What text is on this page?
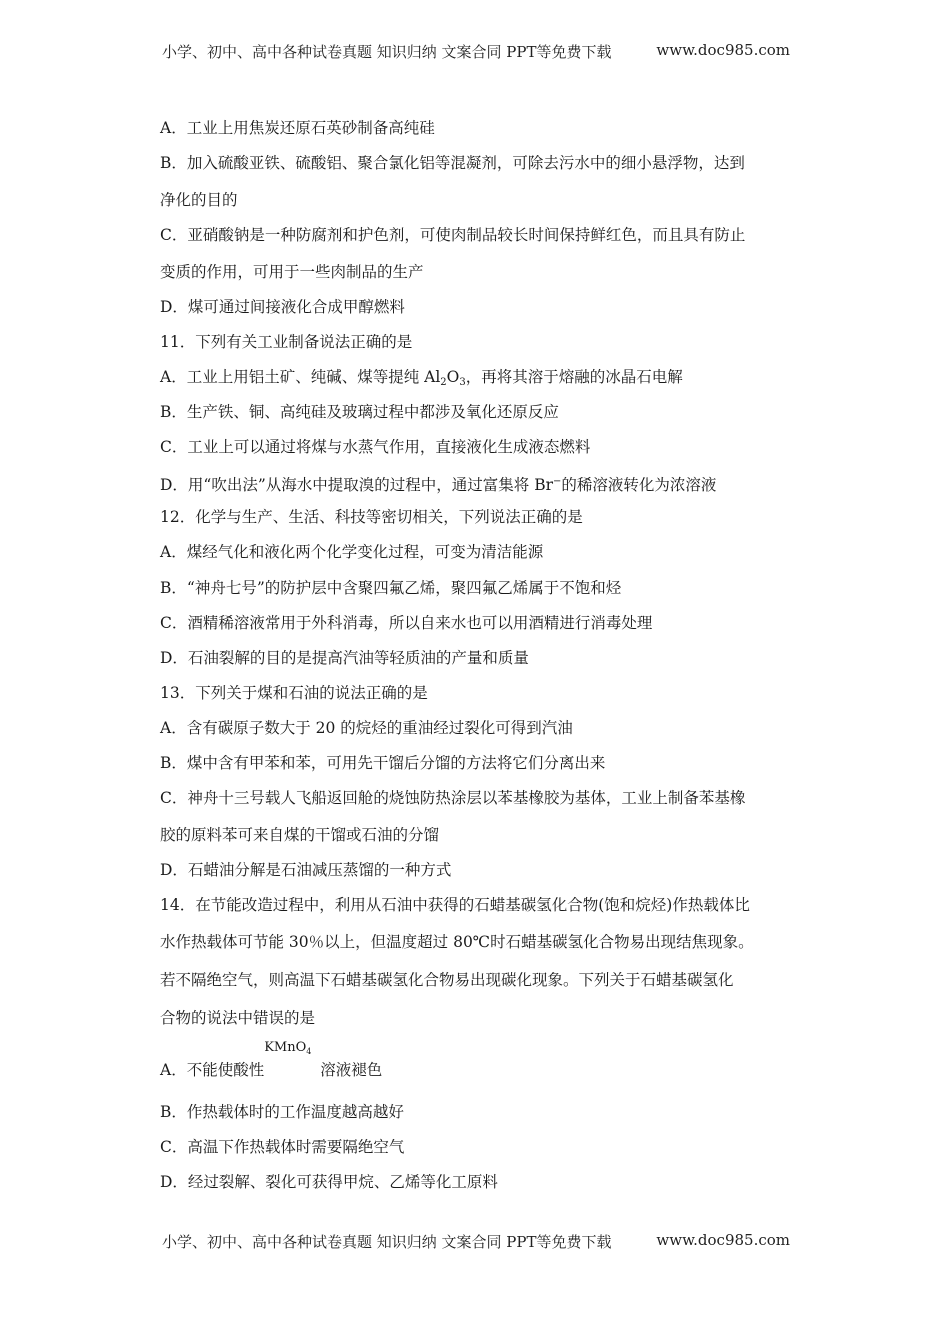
小学、初中、高中各种试卷真题 知识归纳 文案合同 PPT等免费下载	www.doc985.com
A．工业上用焦炭还原石英砂制备高纯硅
B．加入硫酸亚铁、硫酸铝、聚合氯化铝等混凝剂，可除去污水中的细小悬浮物，达到
净化的目的
C．亚硝酸钠是一种防腐剂和护色剂，可使肉制品较长时间保持鲜红色，而且具有防止
变质的作用，可用于一些肉制品的生产
D．煤可通过间接液化合成甲醇燃料
11．下列有关工业制备说法正确的是
A．工业上用铝土矿、纯碱、煤等提纯 $Al_2O_3$，再将其溶于熔融的冰晶石电解
B．生产铁、铜、高纯硅及玻璃过程中都涉及氧化还原反应
C．工业上可以通过将煤与水蒸气作用，直接液化生成液态燃料
D．用“吹出法”从海水中提取溴的过程中，通过富集将 Br−的稀溶液转化为浓溶液
12．化学与生产、生活、科技等密切相关，下列说法正确的是
A．煤经气化和液化两个化学变化过程，可变为清洁能源
B．“神舟七号”的防护层中含聚四氟乙烯，聚四氟乙烯属于不饱和烃
C．酒精稀溶液常用于外科消毒，所以自来水也可以用酒精进行消毒处理
D．石油裂解的目的是提高汽油等轻质油的产量和质量
13．下列关于煤和石油的说法正确的是
A．含有碳原子数大于 20 的烷烃的重油经过裂化可得到汽油
B．煤中含有甲苯和苯，可用先干馏后分馏的方法将它们分离出来
C．神舟十三号载人飞船返回舱的烧蚀防热涂层以苯基橡胶为基体，工业上制备苯基橡
胶的原料苯可来自煤的干馏或石油的分馏
D．石蜡油分解是石油减压蒸馏的一种方式
14．在节能改造过程中，利用从石油中获得的石蜡基碳氢化合物(饱和烷烃)作热载体比
水作热载体可节能 30％以上，但温度超过 80℃时石蜡基碳氢化合物易出现结焦现象。
若不隔绝空气，则高温下石蜡基碳氢化合物易出现碳化现象。下列关于石蜡基碳氢化
合物的说法中错误的是
A．不能使酸性
KMnO$_4$
溶液褪色
B．作热载体时的工作温度越高越好
C．高温下作热载体时需要隔绝空气
D．经过裂解、裂化可获得甲烷、乙烯等化工原料
小学、初中、高中各种试卷真题 知识归纳 文案合同 PPT等免费下载	www.doc985.com
